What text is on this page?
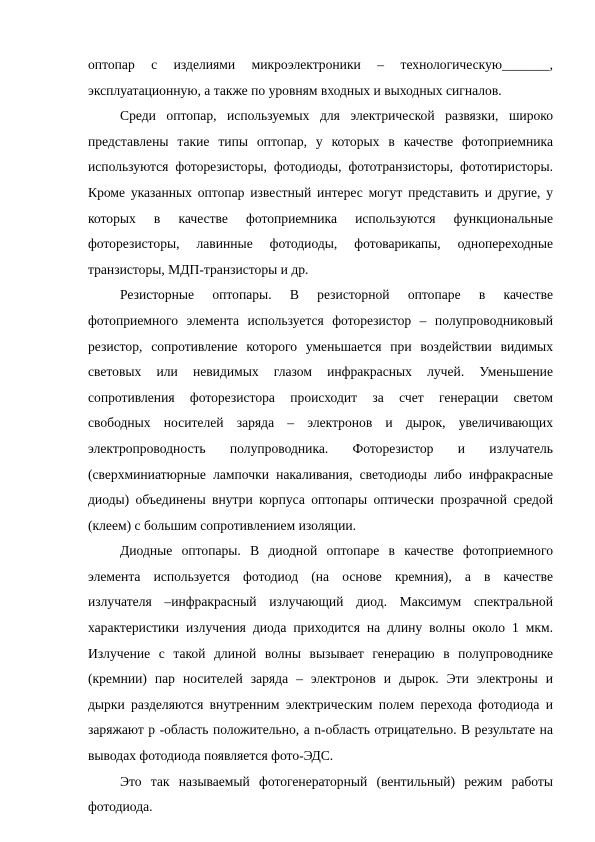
оптопар с изделиями микроэлектроники – технологическую_______,
эксплуатационную, а также по уровням входных и выходных сигналов.
Среди оптопар, используемых для электрической развязки, широко
представлены такие типы оптопар, у которых в качестве фотоприемника
используются фоторезисторы, фотодиоды, фототранзисторы, фототиристоры.
Кроме указанных оптопар известный интерес могут представить и другие, у
которых в качестве фотоприемника используются функциональные
фоторезисторы, лавинные фотодиоды, фотоварикапы, однопереходные
транзисторы, МДП-транзисторы и др.
Резисторные оптопары. В резисторной оптопаре в качестве
фотоприемного элемента используется фоторезистор – полупроводниковый
резистор, сопротивление которого уменьшается при воздействии видимых
световых или невидимых глазом инфракрасных лучей. Уменьшение
сопротивления фоторезистора происходит за счет генерации светом
свободных носителей заряда – электронов и дырок, увеличивающих
электропроводность полупроводника. Фоторезистор и излучатель
(сверхминиатюрные лампочки накаливания, светодиоды либо инфракрасные
диоды) объединены внутри корпуса оптопары оптически прозрачной средой
(клеем) с большим сопротивлением изоляции.
Диодные оптопары. В диодной оптопаре в качестве фотоприемного
элемента используется фотодиод (на основе кремния), а в качестве
излучателя –инфракрасный излучающий диод. Максимум спектральной
характеристики излучения диода приходится на длину волны около 1 мкм.
Излучение с такой длиной волны вызывает генерацию в полупроводнике
(кремнии) пар носителей заряда – электронов и дырок. Эти электроны и
дырки разделяются внутренним электрическим полем перехода фотодиода и
заряжают р -область положительно, а n-область отрицательно. В результате на
выводах фотодиода появляется фото-ЭДС.
Это так называемый фотогенераторный (вентильный) режим работы
фотодиода.
